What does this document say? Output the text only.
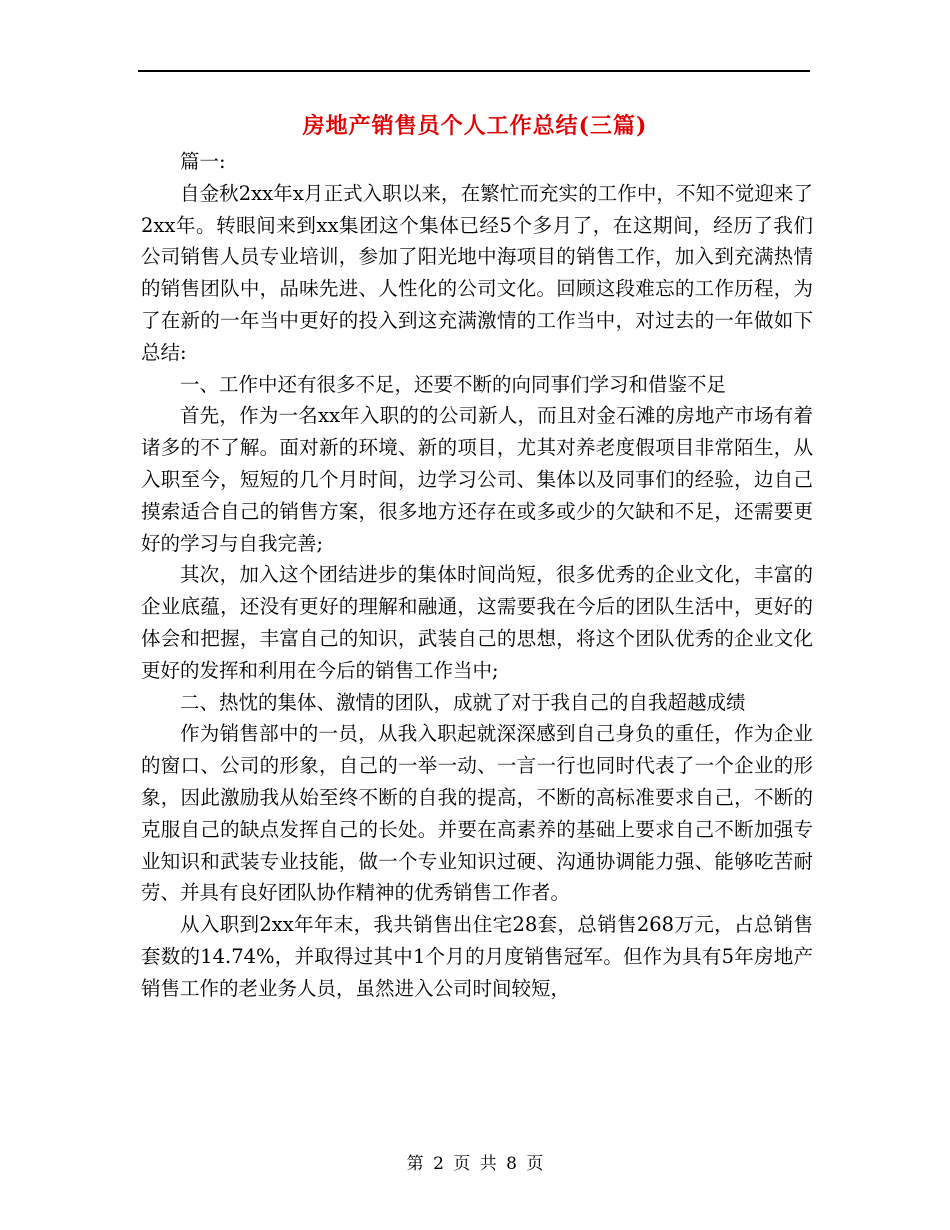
房地产销售员个人工作总结(三篇)

篇一:

自金秋2xx年x月正式入职以来，在繁忙而充实的工作中，不知不觉迎来了2xx年。转眼间来到xx集团这个集体已经5个多月了，在这期间，经历了我们公司销售人员专业培训，参加了阳光地中海项目的销售工作，加入到充满热情的销售团队中，品味先进、人性化的公司文化。回顾这段难忘的工作历程，为了在新的一年当中更好的投入到这充满激情的工作当中，对过去的一年做如下总结:

一、工作中还有很多不足，还要不断的向同事们学习和借鉴不足

首先，作为一名xx年入职的的公司新人，而且对金石滩的房地产市场有着诸多的不了解。面对新的环境、新的项目，尤其对养老度假项目非常陌生，从入职至今，短短的几个月时间，边学习公司、集体以及同事们的经验，边自己摸索适合自己的销售方案，很多地方还存在或多或少的欠缺和不足，还需要更好的学习与自我完善;

其次，加入这个团结进步的集体时间尚短，很多优秀的企业文化，丰富的企业底蕴，还没有更好的理解和融通，这需要我在今后的团队生活中，更好的体会和把握，丰富自己的知识，武装自己的思想，将这个团队优秀的企业文化更好的发挥和利用在今后的销售工作当中;

二、热忱的集体、激情的团队，成就了对于我自己的自我超越成绩

作为销售部中的一员，从我入职起就深深感到自己身负的重任，作为企业的窗口、公司的形象，自己的一举一动、一言一行也同时代表了一个企业的形象，因此激励我从始至终不断的自我的提高，不断的高标准要求自己，不断的克服自己的缺点发挥自己的长处。并要在高素养的基础上要求自己不断加强专业知识和武装专业技能，做一个专业知识过硬、沟通协调能力强、能够吃苦耐劳、并具有良好团队协作精神的优秀销售工作者。

从入职到2xx年年末，我共销售出住宅28套，总销售268万元，占总销售套数的14.74%，并取得过其中1个月的月度销售冠军。但作为具有5年房地产销售工作的老业务人员，虽然进入公司时间较短，

第 2 页 共 8 页
